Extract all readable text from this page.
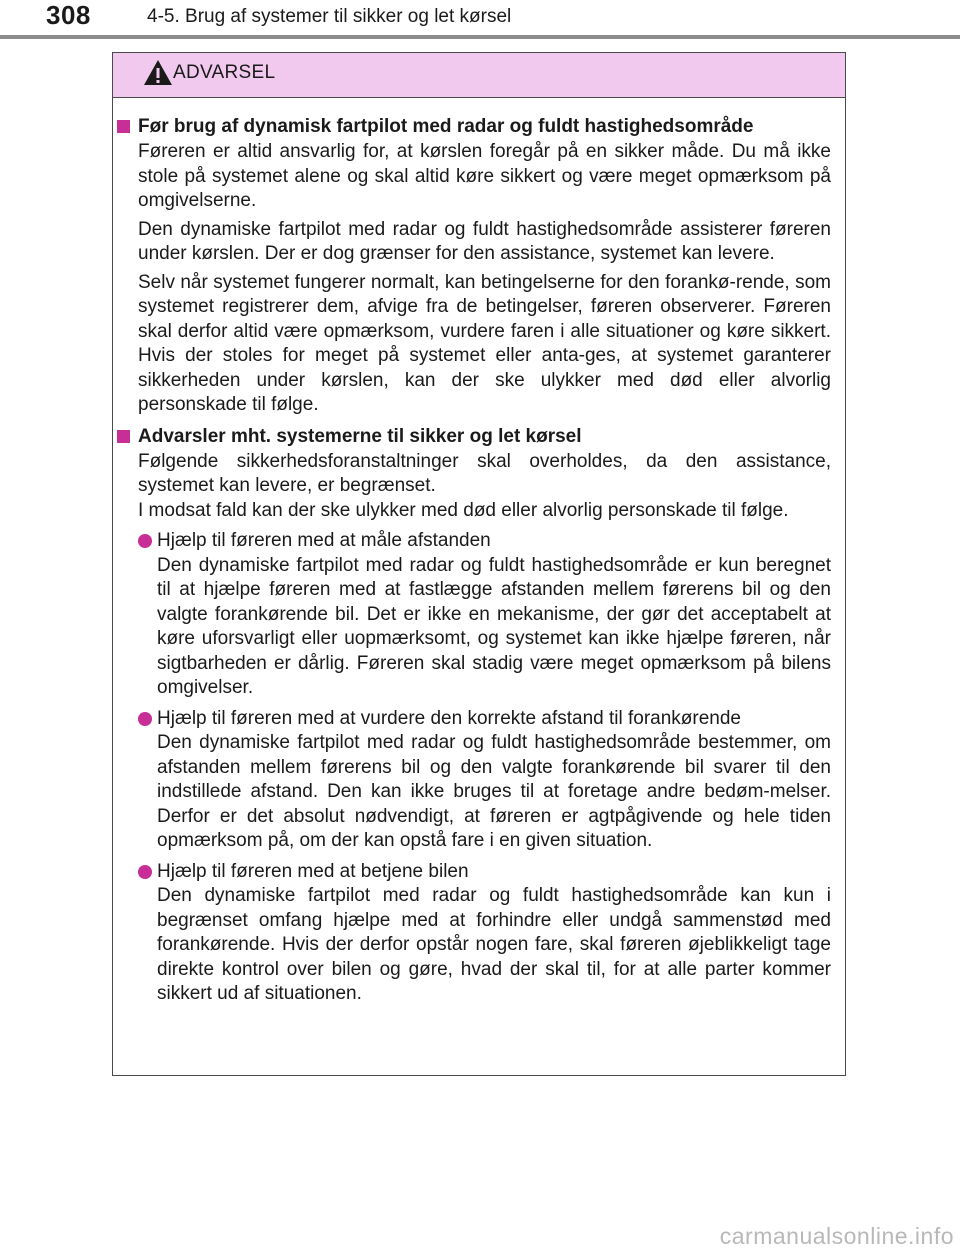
308	4-5. Brug af systemer til sikker og let kørsel
ADVARSEL
Før brug af dynamisk fartpilot med radar og fuldt hastighedsområde

Føreren er altid ansvarlig for, at kørslen foregår på en sikker måde. Du må ikke stole på systemet alene og skal altid køre sikkert og være meget opmærksom på omgivelserne.

Den dynamiske fartpilot med radar og fuldt hastighedsområde assisterer føreren under kørslen. Der er dog grænser for den assistance, systemet kan levere.

Selv når systemet fungerer normalt, kan betingelserne for den forankø-rende, som systemet registrerer dem, afvige fra de betingelser, føreren observerer. Føreren skal derfor altid være opmærksom, vurdere faren i alle situationer og køre sikkert. Hvis der stoles for meget på systemet eller anta-ges, at systemet garanterer sikkerheden under kørslen, kan der ske ulykker med død eller alvorlig personskade til følge.

Advarsler mht. systemerne til sikker og let kørsel

Følgende sikkerhedsforanstaltninger skal overholdes, da den assistance, systemet kan levere, er begrænset.

I modsat fald kan der ske ulykker med død eller alvorlig personskade til følge.

Hjælp til føreren med at måle afstanden
Den dynamiske fartpilot med radar og fuldt hastighedsområde er kun beregnet til at hjælpe føreren med at fastlægge afstanden mellem førerens bil og den valgte forankørende bil. Det er ikke en mekanisme, der gør det acceptabelt at køre uforsvarligt eller uopmærksomt, og systemet kan ikke hjælpe føreren, når sigtbarheden er dårlig. Føreren skal stadig være meget opmærksom på bilens omgivelser.
Hjælp til føreren med at vurdere den korrekte afstand til forankørende
Den dynamiske fartpilot med radar og fuldt hastighedsområde bestemmer, om afstanden mellem førerens bil og den valgte forankørende bil svarer til den indstillede afstand. Den kan ikke bruges til at foretage andre bedøm-melser. Derfor er det absolut nødvendigt, at føreren er agtpågivende og hele tiden opmærksom på, om der kan opstå fare i en given situation.
Hjælp til føreren med at betjene bilen
Den dynamiske fartpilot med radar og fuldt hastighedsområde kan kun i begrænset omfang hjælpe med at forhindre eller undgå sammenstød med forankørende. Hvis der derfor opstår nogen fare, skal føreren øjeblikkeligt tage direkte kontrol over bilen og gøre, hvad der skal til, for at alle parter kommer sikkert ud af situationen.
carmanualsonline.info
